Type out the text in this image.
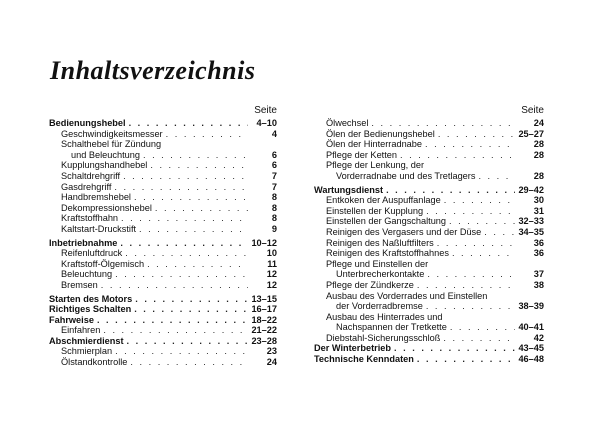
Inhaltsverzeichnis
Seite
Bedienungshebel . . .	4–10
Geschwindigkeitsmesser . . .	4
Schalthebel für Zündung
und Beleuchtung . . .	6
Kupplungshandhebel . . .	6
Schaltdrehgriff . . .	7
Gasdrehgriff . . .	7
Handbremshebel . . .	8
Dekompressionshebel . . .	8
Kraftstoffhahn . . .	8
Kaltstart-Druckstift . . .	9
Inbetriebnahme . . .	10–12
Reifenluftdruck . . .	10
Kraftstoff-Ölgemisch . . .	11
Beleuchtung . . .	12
Bremsen . . .	12
Starten des Motors . . .	13–15
Richtiges Schalten . . .	16–17
Fahrweise . . .	18–22
Einfahren . . .	21–22
Abschmierdienst . . .	23–28
Schmierplan . . .	23
Ölstandkontrolle . . .	24
Seite
Ölwechsel . . .	24
Ölen der Bedienungshebel . . .	25–27
Ölen der Hinterradnabe . . .	28
Pflege der Ketten . . .	28
Pflege der Lenkung, der
Vorderradnabe und des Tretlagers . . .	28
Wartungsdienst . . .	29–42
Entkoken der Auspuffanlage . . .	30
Einstellen der Kupplung . . .	31
Einstellen der Gangschaltung . . .	32–33
Reinigen des Vergasers und der Düse . . .	34–35
Reinigen des Naßluftfilters . . .	36
Reinigen des Kraftstoffhahnes . . .	36
Pflege und Einstellen der
Unterbrecherkontakte . . .	37
Pflege der Zündkerze . . .	38
Ausbau des Vorderrades und Einstellen
der Vorderradbremse . . .	38–39
Ausbau des Hinterrades und
Nachspannen der Tretkette . . .	40–41
Diebstahl-Sicherungsschloß . . .	42
Der Winterbetrieb . . .	43–45
Technische Kenndaten . . .	46–48
